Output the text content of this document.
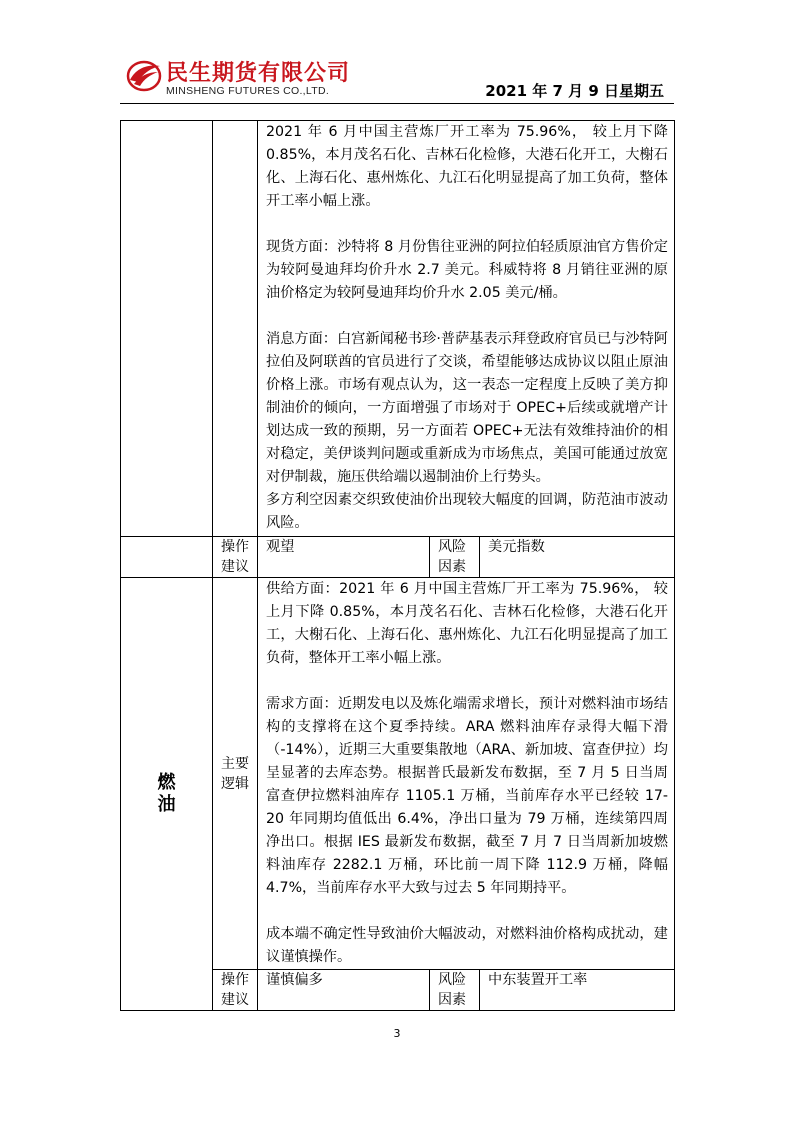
民生期货有限公司
MINSHENG FUTURES CO.,LTD.	2021 年 7 月 9 日星期五

		2021 年 6 月中国主营炼厂开工率为 75.96%， 较上月下降 0.85%，本月茂名石化、吉林石化检修，大港石化开工，大榭石化、上海石化、惠州炼化、九江石化明显提高了加工负荷，整体开工率小幅上涨。

现货方面：沙特将 8 月份售往亚洲的阿拉伯轻质原油官方售价定为较阿曼迪拜均价升水 2.7 美元。科威特将 8 月销往亚洲的原油价格定为较阿曼迪拜均价升水 2.05 美元/桶。

消息方面：白宫新闻秘书珍·普萨基表示拜登政府官员已与沙特阿拉伯及阿联酋的官员进行了交谈，希望能够达成协议以阻止原油价格上涨。市场有观点认为，这一表态一定程度上反映了美方抑制油价的倾向，一方面增强了市场对于 OPEC+后续或就增产计划达成一致的预期，另一方面若 OPEC+无法有效维持油价的相对稳定，美伊谈判问题或重新成为市场焦点，美国可能通过放宽对伊制裁，施压供给端以遏制油价上行势头。

多方利空因素交织致使油价出现较大幅度的回调，防范油市波动风险。		

	操作建议	观望	风险因素	美元指数

燃油	主要逻辑	供给方面：2021 年 6 月中国主营炼厂开工率为 75.96%， 较上月下降 0.85%，本月茂名石化、吉林石化检修，大港石化开工，大榭石化、上海石化、惠州炼化、九江石化明显提高了加工负荷，整体开工率小幅上涨。

需求方面：近期发电以及炼化端需求增长，预计对燃料油市场结构的支撑将在这个夏季持续。ARA 燃料油库存录得大幅下滑（-14%），近期三大重要集散地（ARA、新加坡、富查伊拉）均呈显著的去库态势。根据普氏最新发布数据，至 7 月 5 日当周富查伊拉燃料油库存 1105.1 万桶，当前库存水平已经较 17-20 年同期均值低出 6.4%，净出口量为 79 万桶，连续第四周净出口。根据 IES 最新发布数据，截至 7 月 7 日当周新加坡燃料油库存 2282.1 万桶，环比前一周下降 112.9 万桶，降幅 4.7%，当前库存水平大致与过去 5 年同期持平。

成本端不确定性导致油价大幅波动，对燃料油价格构成扰动，建议谨慎操作。		

	操作建议	谨慎偏多	风险因素	中东装置开工率
3
